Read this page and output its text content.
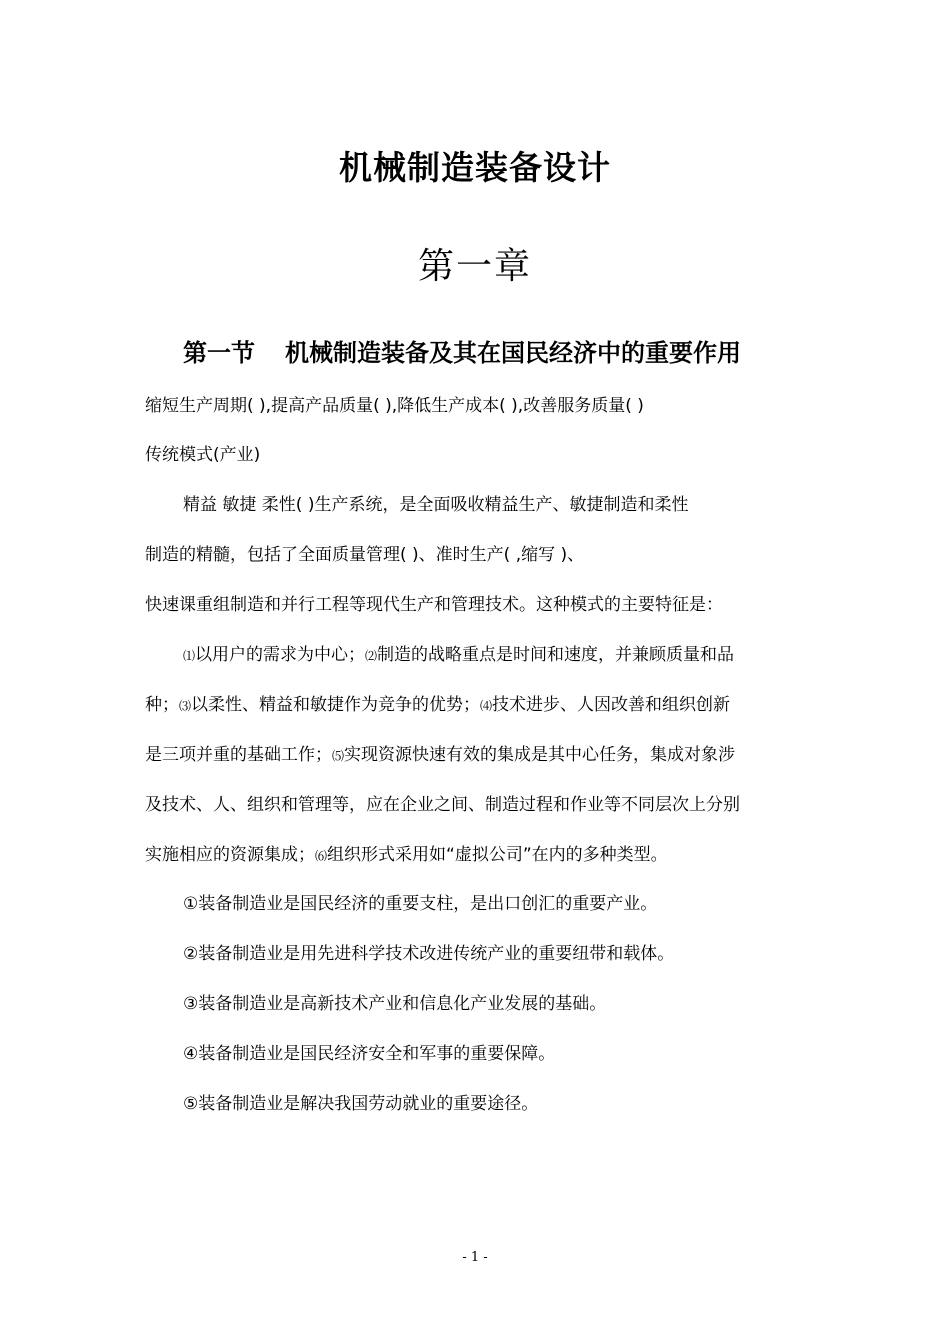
机械制造装备设计
第一章
第一节 机械制造装备及其在国民经济中的重要作用
缩短生产周期( ),提高产品质量( ),降低生产成本( ),改善服务质量( )
传统模式(产业)
精益 敏捷 柔性( )生产系统，是全面吸收精益生产、敏捷制造和柔性
制造的精髓，包括了全面质量管理( )、准时生产( ,缩写 )、
快速课重组制造和并行工程等现代生产和管理技术。这种模式的主要特征是：
⑴以用户的需求为中心；⑵制造的战略重点是时间和速度，并兼顾质量和品
种；⑶以柔性、精益和敏捷作为竞争的优势；⑷技术进步、人因改善和组织创新
是三项并重的基础工作；⑸实现资源快速有效的集成是其中心任务，集成对象涉
及技术、人、组织和管理等，应在企业之间、制造过程和作业等不同层次上分别
实施相应的资源集成；⑹组织形式采用如“虚拟公司”在内的多种类型。
①装备制造业是国民经济的重要支柱，是出口创汇的重要产业。
②装备制造业是用先进科学技术改进传统产业的重要纽带和载体。
③装备制造业是高新技术产业和信息化产业发展的基础。
④装备制造业是国民经济安全和军事的重要保障。
⑤装备制造业是解决我国劳动就业的重要途径。
- 1 -
